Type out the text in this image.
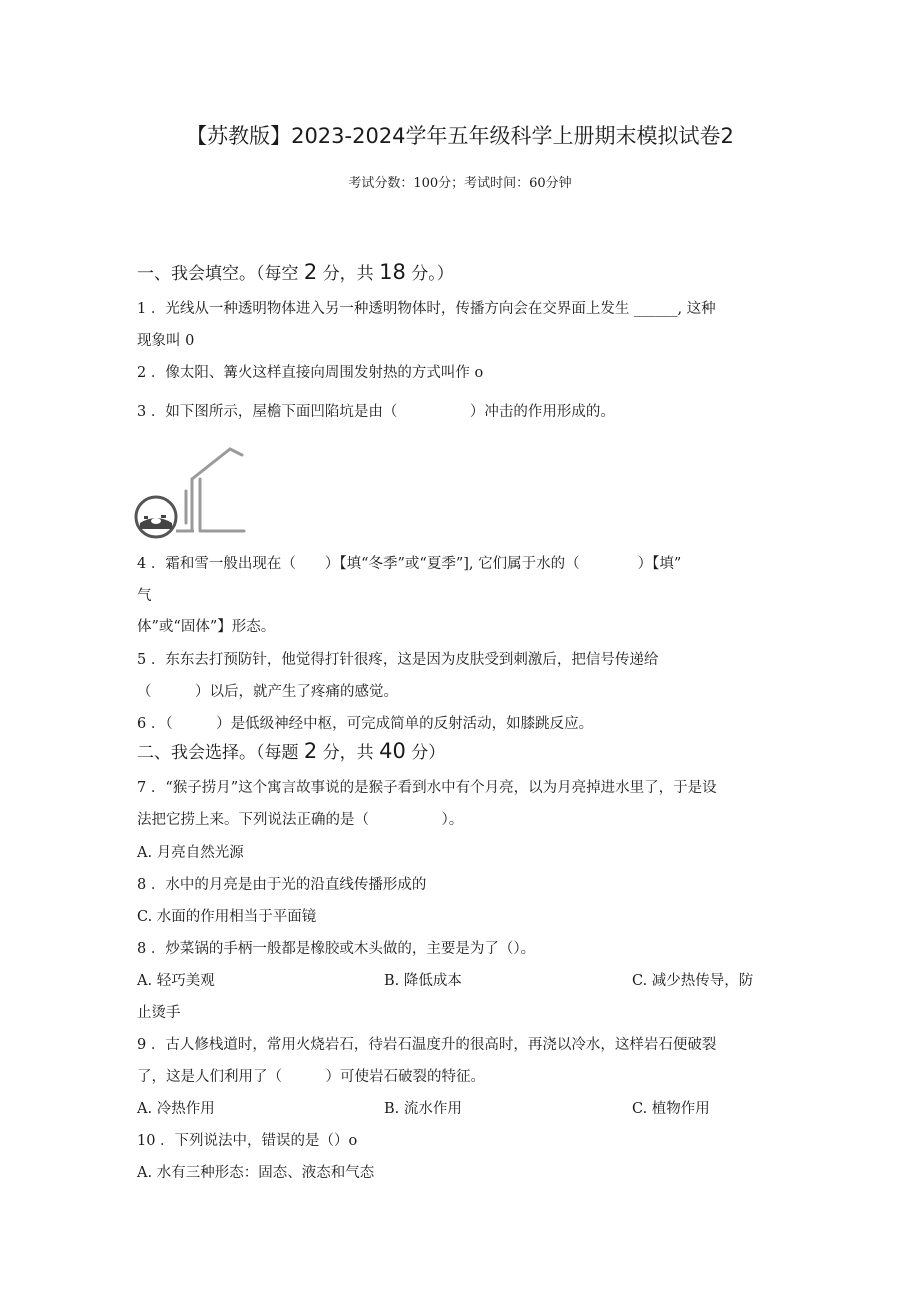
【苏教版】2023-2024学年五年级科学上册期末模拟试卷2
考试分数：100分；考试时间：60分钟
一、我会填空。（每空 2 分，共 18 分。）
1 ．光线从一种透明物体进入另一种透明物体时，传播方向会在交界面上发生 ______, 这种
现象叫 0
2 ．像太阳、篝火这样直接向周围发射热的方式叫作 o
3 ．如下图所示，屋檐下面凹陷坑是由（　　　　　）冲击的作用形成的。
4 ．霜和雪一般出现在（　　）【填“冬季”或“夏季”], 它们属于水的（　　　　）【填”
气
体”或“固体”】形态。
5 ．东东去打预防针，他觉得打针很疼，这是因为皮肤受到刺激后，把信号传递给
（　　　）以后，就产生了疼痛的感觉。
6 ．（　　　）是低级神经中枢，可完成简单的反射活动，如膝跳反应。
二、我会选择。（每题 2 分，共 40 分）
7 ．“猴子捞月”这个寓言故事说的是猴子看到水中有个月亮，以为月亮掉进水里了，于是设
法把它捞上来。下列说法正确的是（　　　　　）。
A. 月亮自然光源
8 ．水中的月亮是由于光的沿直线传播形成的
C. 水面的作用相当于平面镜
8 ．炒菜锅的手柄一般都是橡胶或木头做的，主要是为了（）。
A. 轻巧美观	B. 降低成本	C. 减少热传导，防
止烫手
9 ．古人修栈道时，常用火烧岩石，待岩石温度升的很高时，再浇以冷水，这样岩石便破裂
了，这是人们利用了（　　　）可使岩石破裂的特征。
A. 冷热作用	B. 流水作用	C. 植物作用
10 ．下列说法中，错误的是（）o
A. 水有三种形态：固态、液态和气态
